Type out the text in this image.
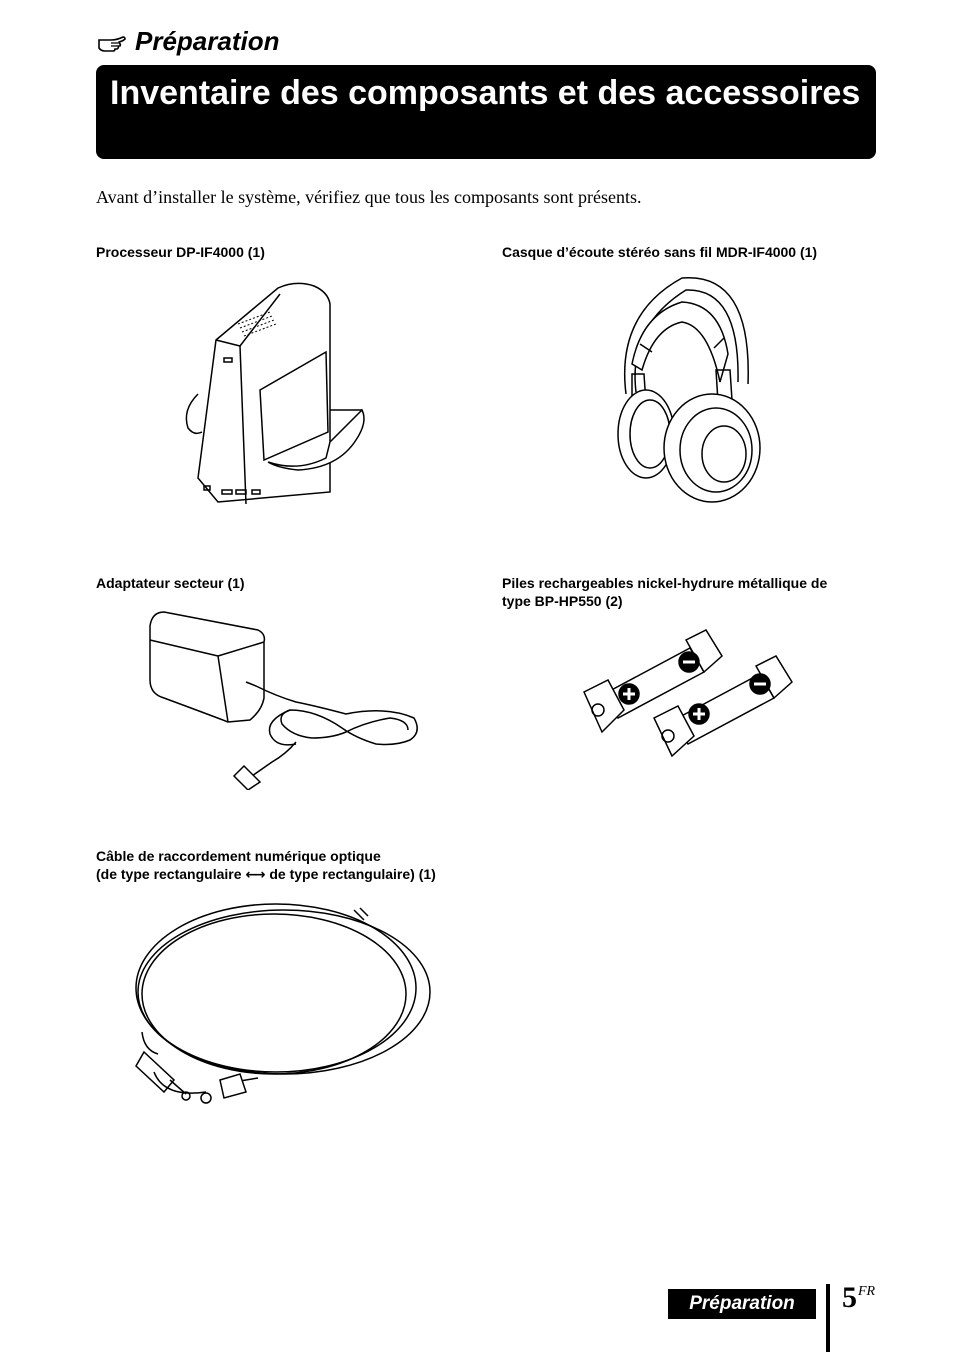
Préparation
Inventaire des composants et des accessoires
Avant d’installer le système, vérifiez que tous les composants sont présents.
Processeur DP-IF4000 (1)	Casque d’écoute stéréo sans fil MDR-IF4000 (1)
Adaptateur secteur (1)	Piles rechargeables nickel-hydrure métallique de
type BP-HP550 (2)
Câble de raccordement numérique optique
(de type rectangulaire ⟷ de type rectangulaire) (1)
Préparation	$5^{FR}$
